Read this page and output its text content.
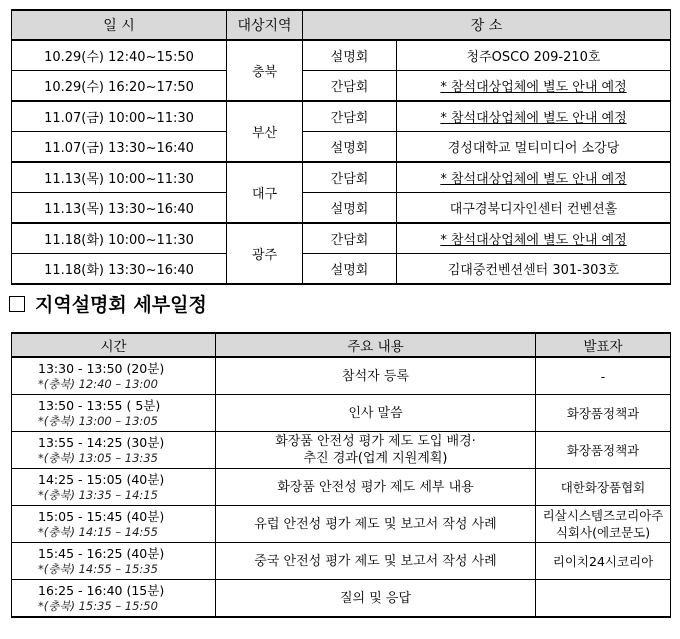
일 시	대상지역	장 소	
10.29(수) 12:40~15:50	충북	설명회	청주OSCO 209-210호
10.29(수) 16:20~17:50		간담회	* 참석대상업체에 별도 안내 예정
11.07(금) 10:00~11:30	부산	간담회	* 참석대상업체에 별도 안내 예정
11.07(금) 13:30~16:40		설명회	경성대학교 멀티미디어 소강당
11.13(목) 10:00~11:30	대구	간담회	* 참석대상업체에 별도 안내 예정
11.13(목) 13:30~16:40		설명회	대구경북디자인센터 컨벤션홀
11.18(화) 10:00~11:30	광주	간담회	* 참석대상업체에 별도 안내 예정
11.18(화) 13:30~16:40		설명회	김대중컨벤션센터 301-303호
지역설명회 세부일정
시간	주요 내용	발표자

13:30 - 13:50 (20분)
*(충북) 12:40 – 13:00	참석자 등록	-

13:50 - 13:55 ( 5분)
*(충북) 13:00 – 13:05	인사 말씀	화장품정책과

13:55 - 14:25 (30분)
*(충북) 13:05 – 13:35	화장품 안전성 평가 제도 도입 배경·
추진 경과(업계 지원계획)	화장품정책과

14:25 - 15:05 (40분)
*(충북) 13:35 – 14:15	화장품 안전성 평가 제도 세부 내용	대한화장품협회

15:05 - 15:45 (40분)
*(충북) 14:15 – 14:55	유럽 안전성 평가 제도 및 보고서 작성 사례	리살시스템즈코리아주
식회사(에코문도)

15:45 - 16:25 (40분)
*(충북) 14:55 – 15:35	중국 안전성 평가 제도 및 보고서 작성 사례	리이치24시코리아

16:25 - 16:40 (15분)
*(충북) 15:35 – 15:50	질의 및 응답	
